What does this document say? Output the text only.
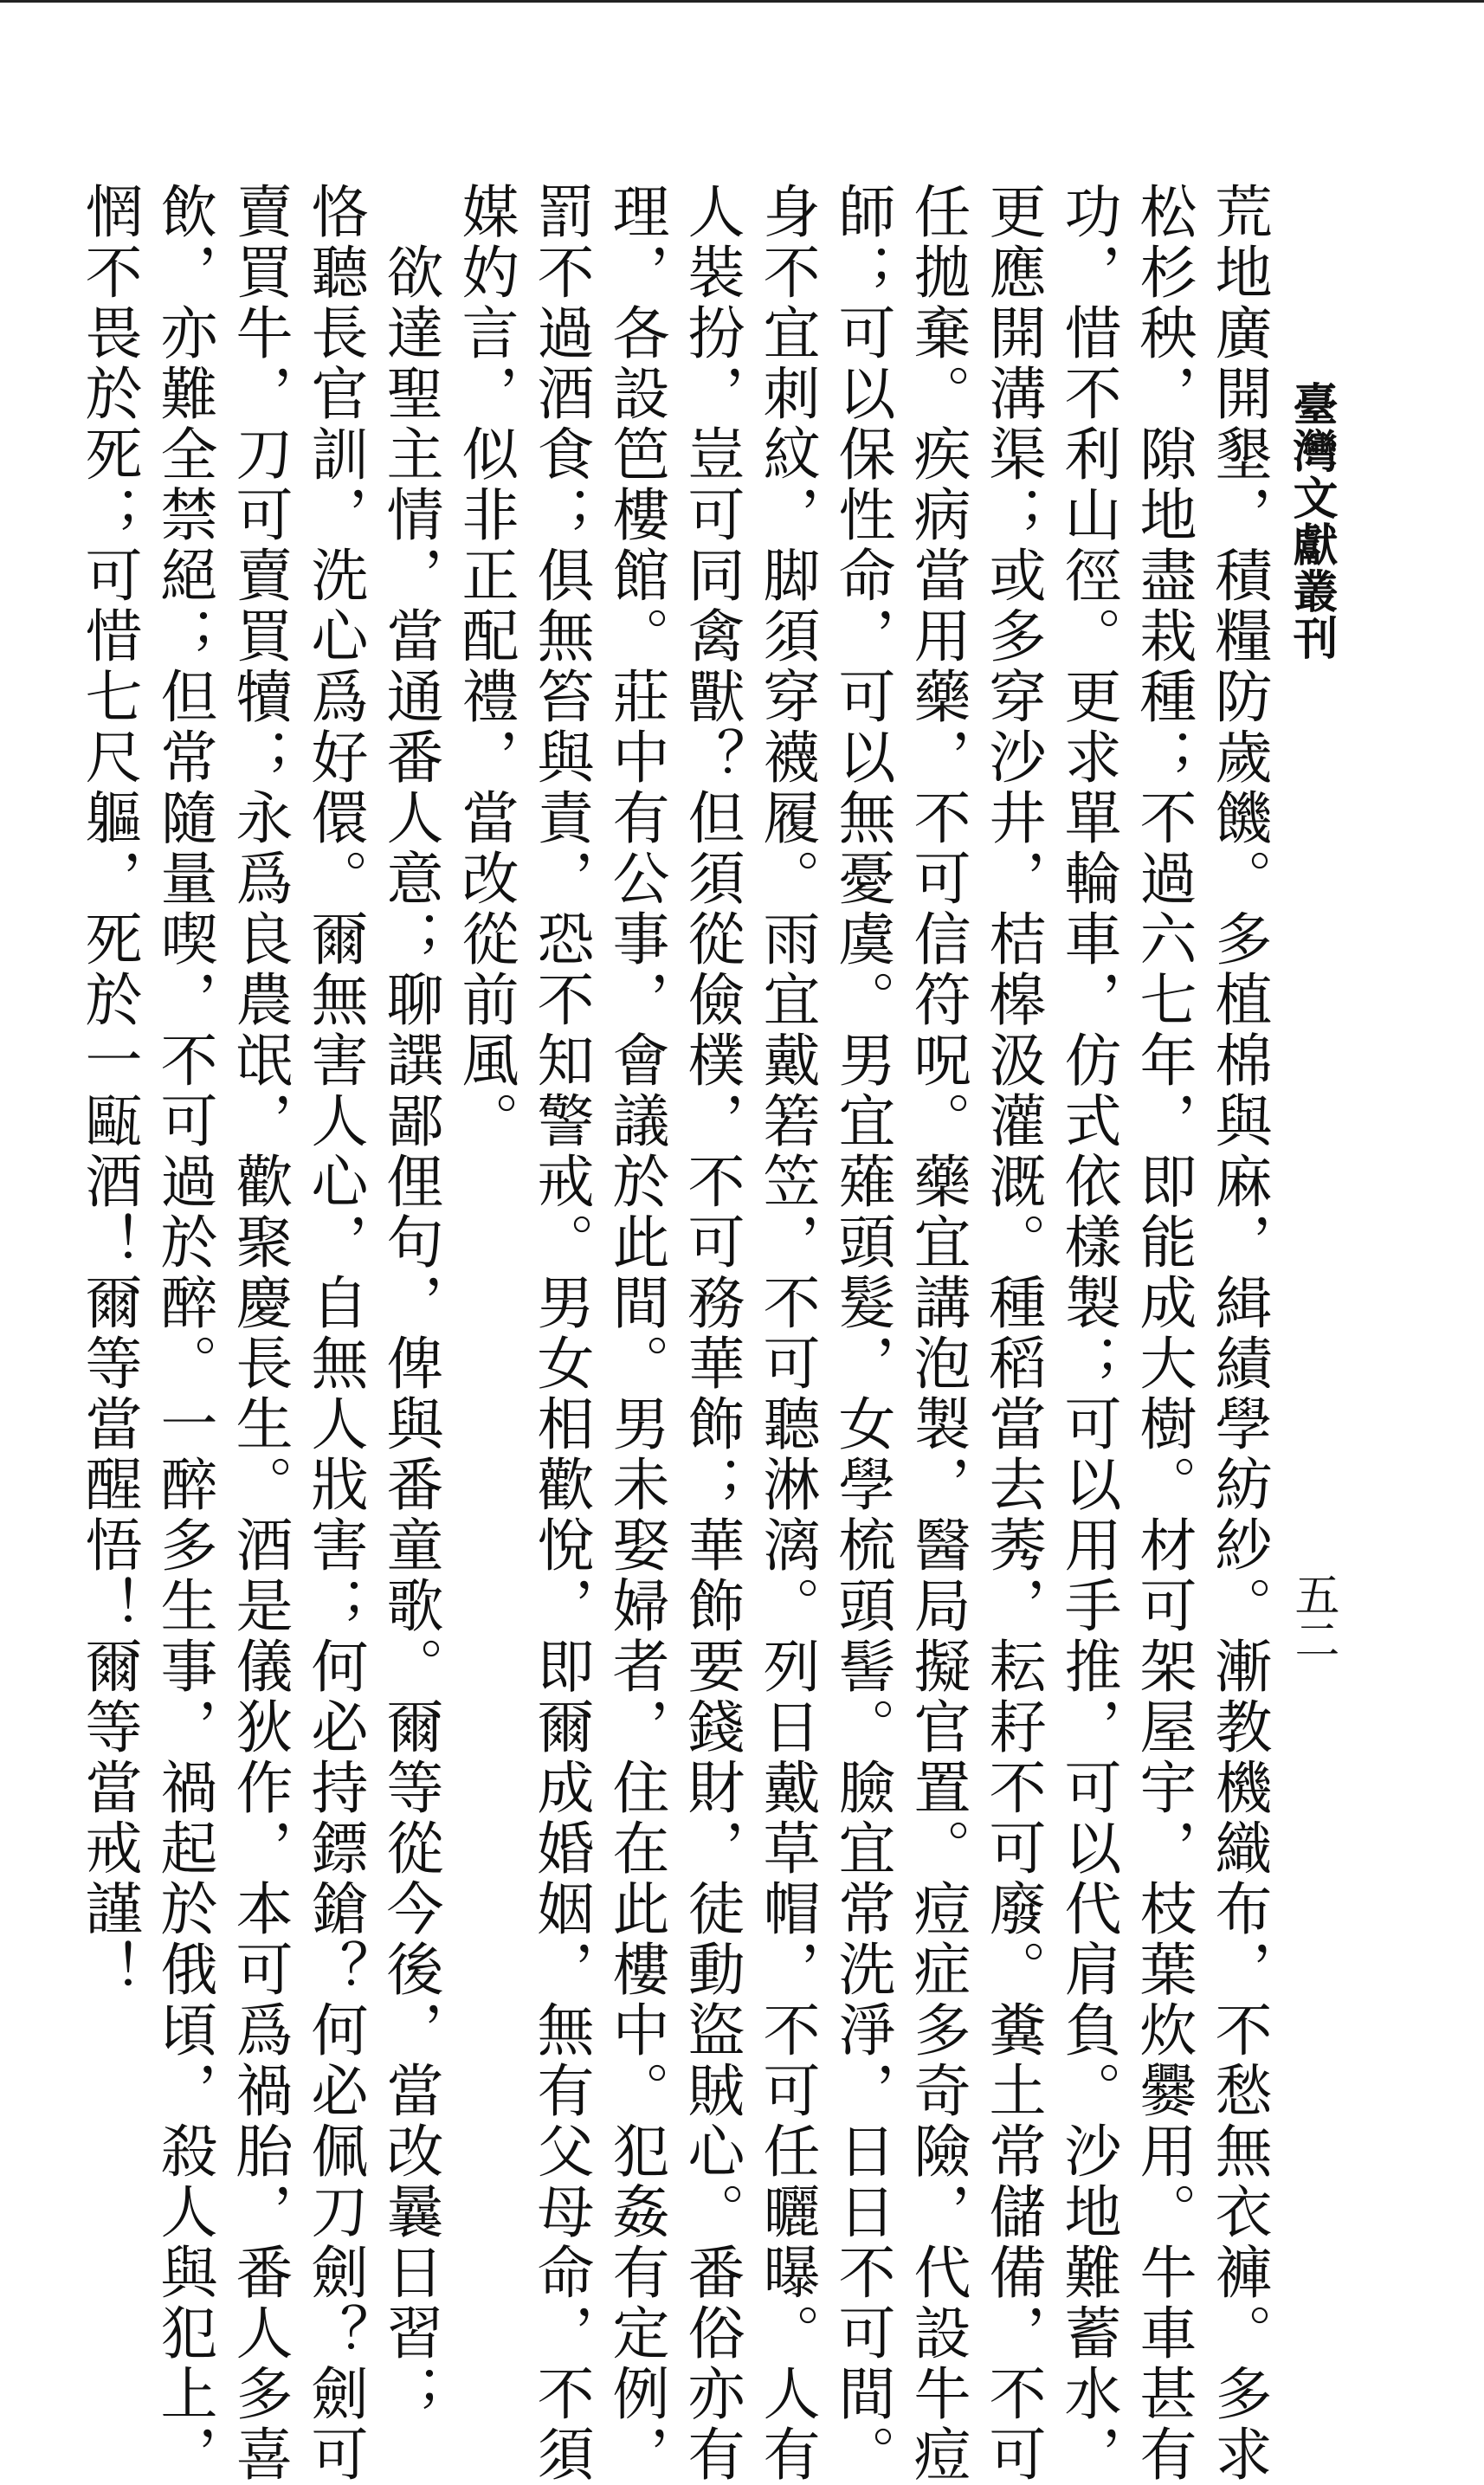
臺灣文獻叢刊
五二
荒地廣開墾，積糧防歲饑。多植棉與麻，緝績學紡紗。漸教機織布，不愁無衣褲。多求
松杉秧，隙地盡栽種；不過六七年，即能成大樹。材可架屋宇，枝葉炊爨用。牛車甚有
功，惜不利山徑。更求單輪車，仿式依樣製；可以用手推，可以代肩負。沙地難蓄水，
更應開溝渠；或多穿沙井，桔槔汲灌溉。種稻當去莠，耘耔不可廢。糞土常儲備，不可
任拋棄。疾病當用藥，不可信符呪。藥宜講泡製，醫局擬官置。痘症多奇險，代設牛痘
師；可以保性命，可以無憂虞。男宜薙頭髮，女學梳頭髻。臉宜常洗淨，日日不可間。
身不宜刺紋，脚須穿襪履。雨宜戴箬笠，不可聽淋漓。列日戴草帽，不可任曬曝。人有
人裝扮，豈可同禽獸？但須從儉樸，不可務華飾；華飾要錢財，徒動盜賊心。番俗亦有
理，各設笆樓館。莊中有公事，會議於此間。男未娶婦者，住在此樓中。犯姦有定例，
罰不過酒食；俱無笞與責，恐不知警戒。男女相歡悅，即爾成婚姻，無有父母命，不須
媒妁言，似非正配禮，當改從前風。
　欲達聖主情，當通番人意；聊譔鄙俚句，俾與番童歌。爾等從今後，當改曩日習；
恪聽長官訓，洗心爲好儇。爾無害人心，自無人戕害；何必持鏢鎗？何必佩刀劍？劍可
賣買牛，刀可賣買犢；永爲良農氓，歡聚慶長生。酒是儀狄作，本可爲禍胎，番人多喜
飲，亦難全禁絕；但常隨量喫，不可過於醉。一醉多生事，禍起於俄頃，殺人與犯上，
惘不畏於死；可惜七尺軀，死於一甌酒！爾等當醒悟！爾等當戒謹！
